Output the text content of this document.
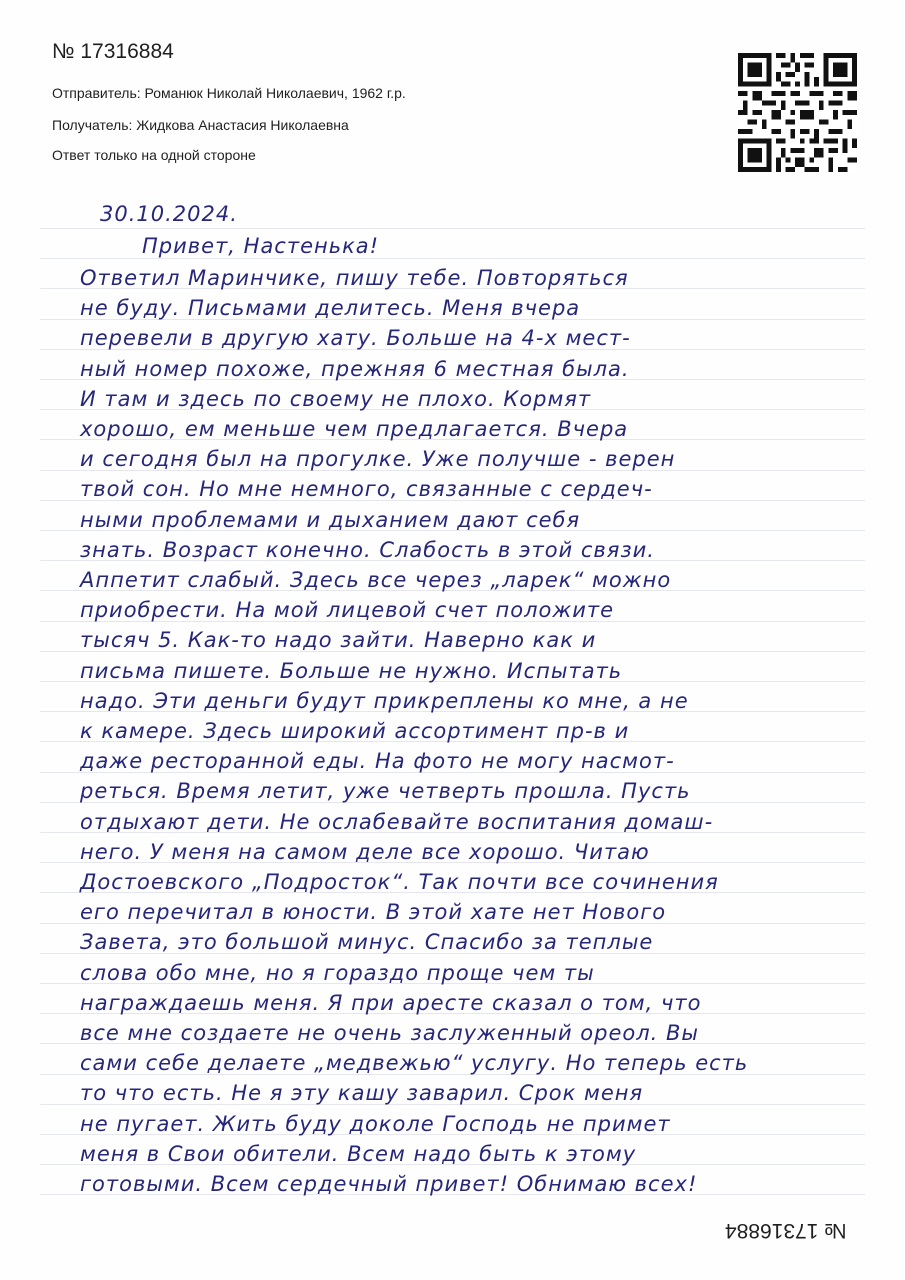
№ 17316884
Отправитель: Романюк Николай Николаевич, 1962 г.р.
Получатель: Жидкова Анастасия Николаевна
Ответ только на одной стороне
30.10.2024.
Привет, Настенька!
Ответил Маринчике, пишу тебе. Повторяться
не буду. Письмами делитесь. Меня вчера
перевели в другую хату. Больше на 4-х мест-
ный номер похоже, прежняя 6 местная была.
И там и здесь по своему не плохо. Кормят
хорошо, ем меньше чем предлагается. Вчера
и сегодня был на прогулке. Уже получше - верен
твой сон. Но мне немного, связанные с сердеч-
ными проблемами и дыханием дают себя
знать. Возраст конечно. Слабость в этой связи.
Аппетит слабый. Здесь все через „ларек“ можно
приобрести. На мой лицевой счет положите
тысяч 5. Как-то надо зайти. Наверно как и
письма пишете. Больше не нужно. Испытать
надо. Эти деньги будут прикреплены ко мне, а не
к камере. Здесь широкий ассортимент пр-в и
даже ресторанной еды. На фото не могу насмот-
реться. Время летит, уже четверть прошла. Пусть
отдыхают дети. Не ослабевайте воспитания домаш-
него. У меня на самом деле все хорошо. Читаю
Достоевского „Подросток“. Так почти все сочинения
его перечитал в юности. В этой хате нет Нового
Завета, это большой минус. Спасибо за теплые
слова обо мне, но я гораздо проще чем ты
награждаешь меня. Я при аресте сказал о том, что
все мне создаете не очень заслуженный ореол. Вы
сами себе делаете „медвежью“ услугу. Но теперь есть
то что есть. Не я эту кашу заварил. Срок меня
не пугает. Жить буду доколе Господь не примет
меня в Свои обители. Всем надо быть к этому
готовыми. Всем сердечный привет! Обнимаю всех!
№ 17316884
